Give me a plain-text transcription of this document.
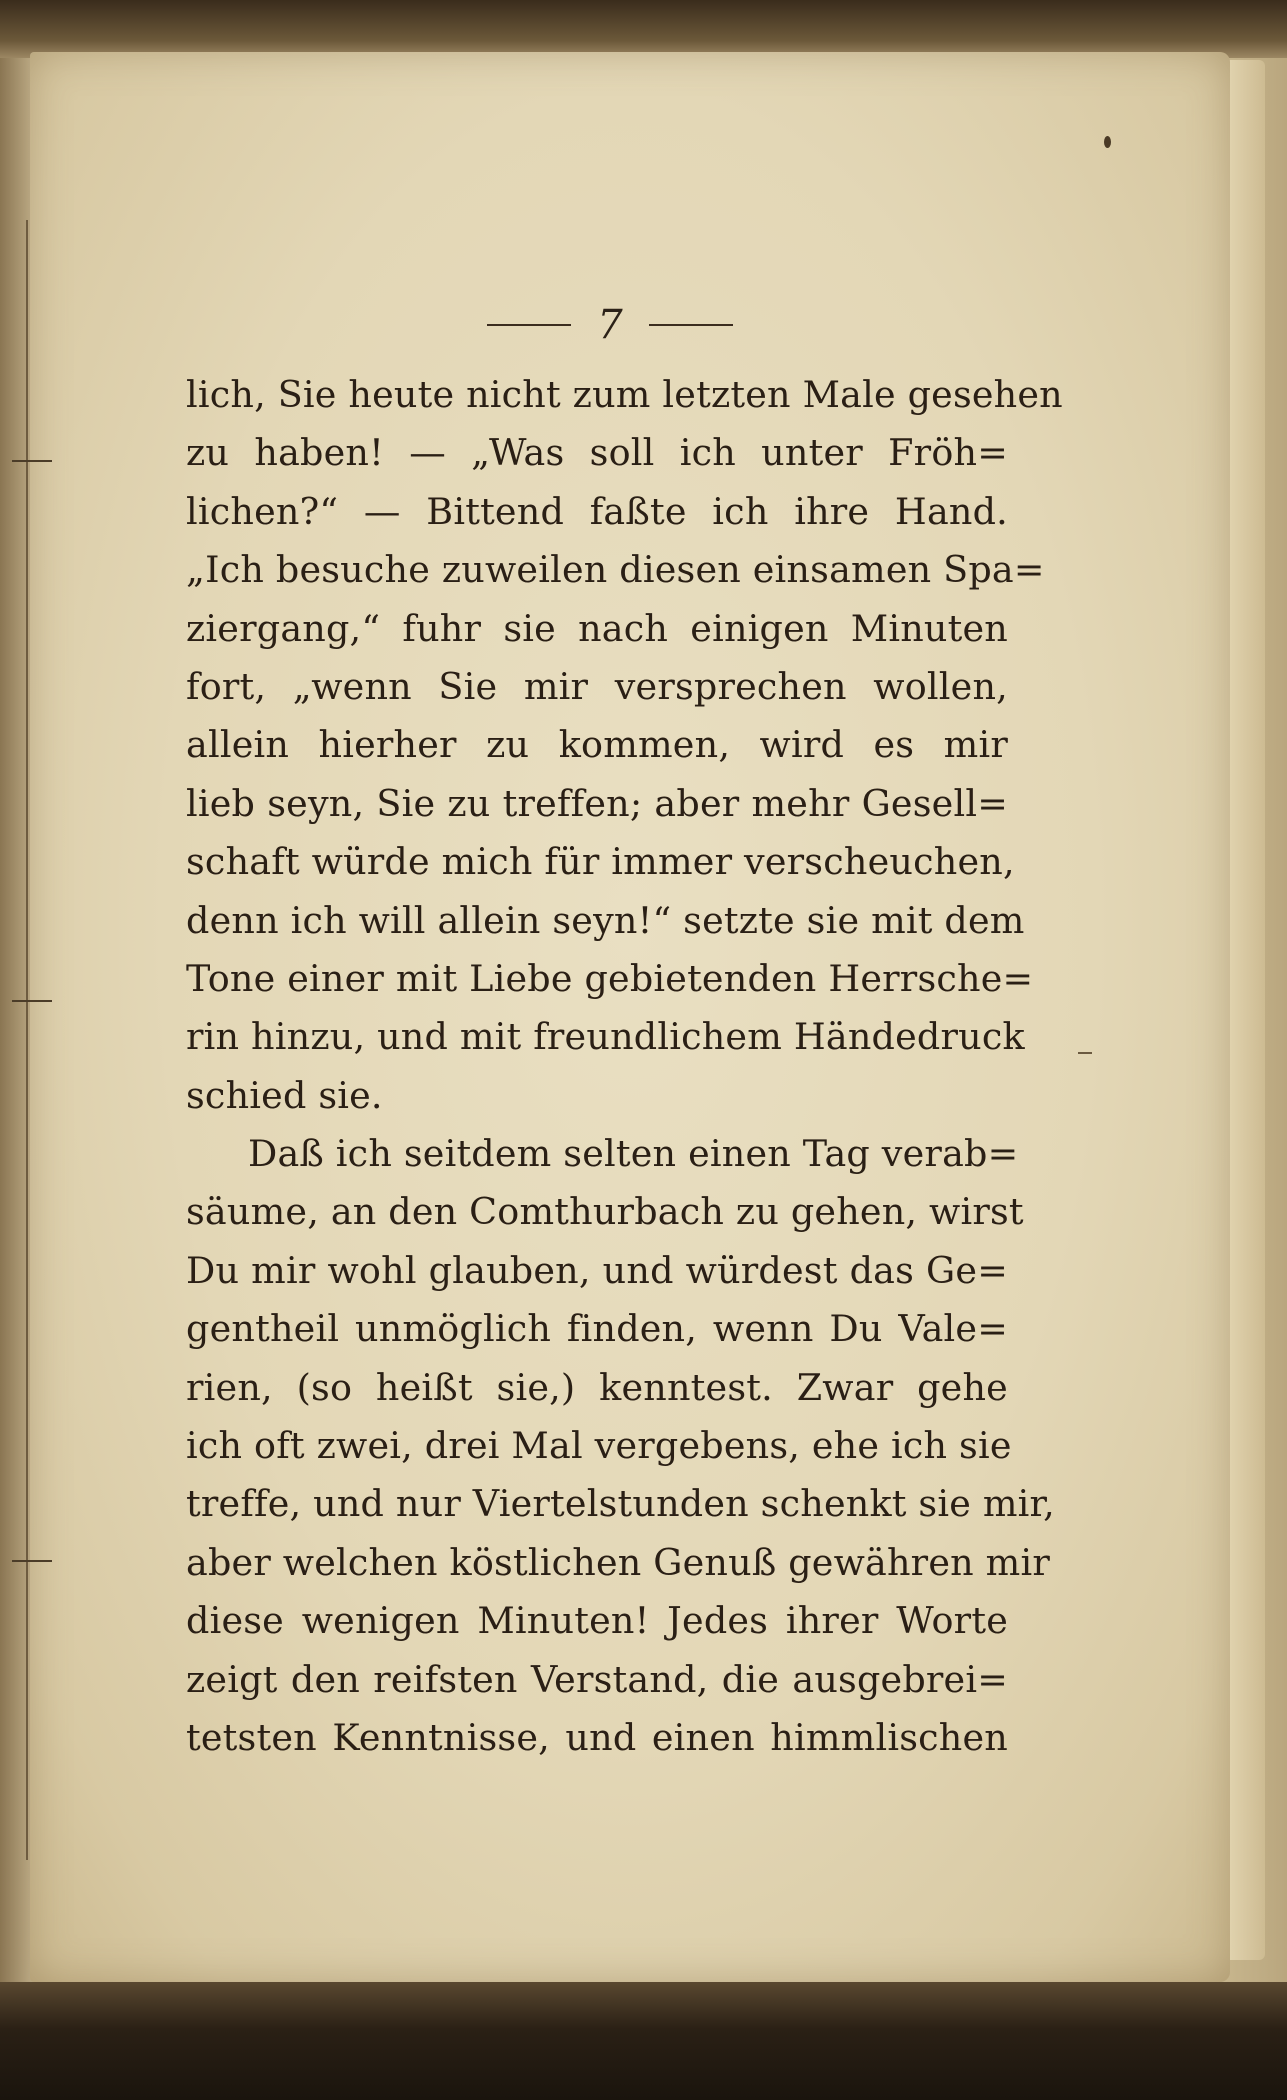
7
lich, Sie heute nicht zum letzten Male gesehen
zu haben! — „Was soll ich unter Fröh=
lichen?“ — Bittend faßte ich ihre Hand.
„Ich besuche zuweilen diesen einsamen Spa=
ziergang,“ fuhr sie nach einigen Minuten
fort, „wenn Sie mir versprechen wollen,
allein hierher zu kommen, wird es mir
lieb seyn, Sie zu treffen; aber mehr Gesell=
schaft würde mich für immer verscheuchen,
denn ich will allein seyn!“ setzte sie mit dem
Tone einer mit Liebe gebietenden Herrsche=
rin hinzu, und mit freundlichem Händedruck
schied sie.
Daß ich seitdem selten einen Tag verab=
säume, an den Comthurbach zu gehen, wirst
Du mir wohl glauben, und würdest das Ge=
gentheil unmöglich finden, wenn Du Vale=
rien, (so heißt sie,) kenntest. Zwar gehe
ich oft zwei, drei Mal vergebens, ehe ich sie
treffe, und nur Viertelstunden schenkt sie mir,
aber welchen köstlichen Genuß gewähren mir
diese wenigen Minuten! Jedes ihrer Worte
zeigt den reifsten Verstand, die ausgebrei=
tetsten Kenntnisse, und einen himmlischen
